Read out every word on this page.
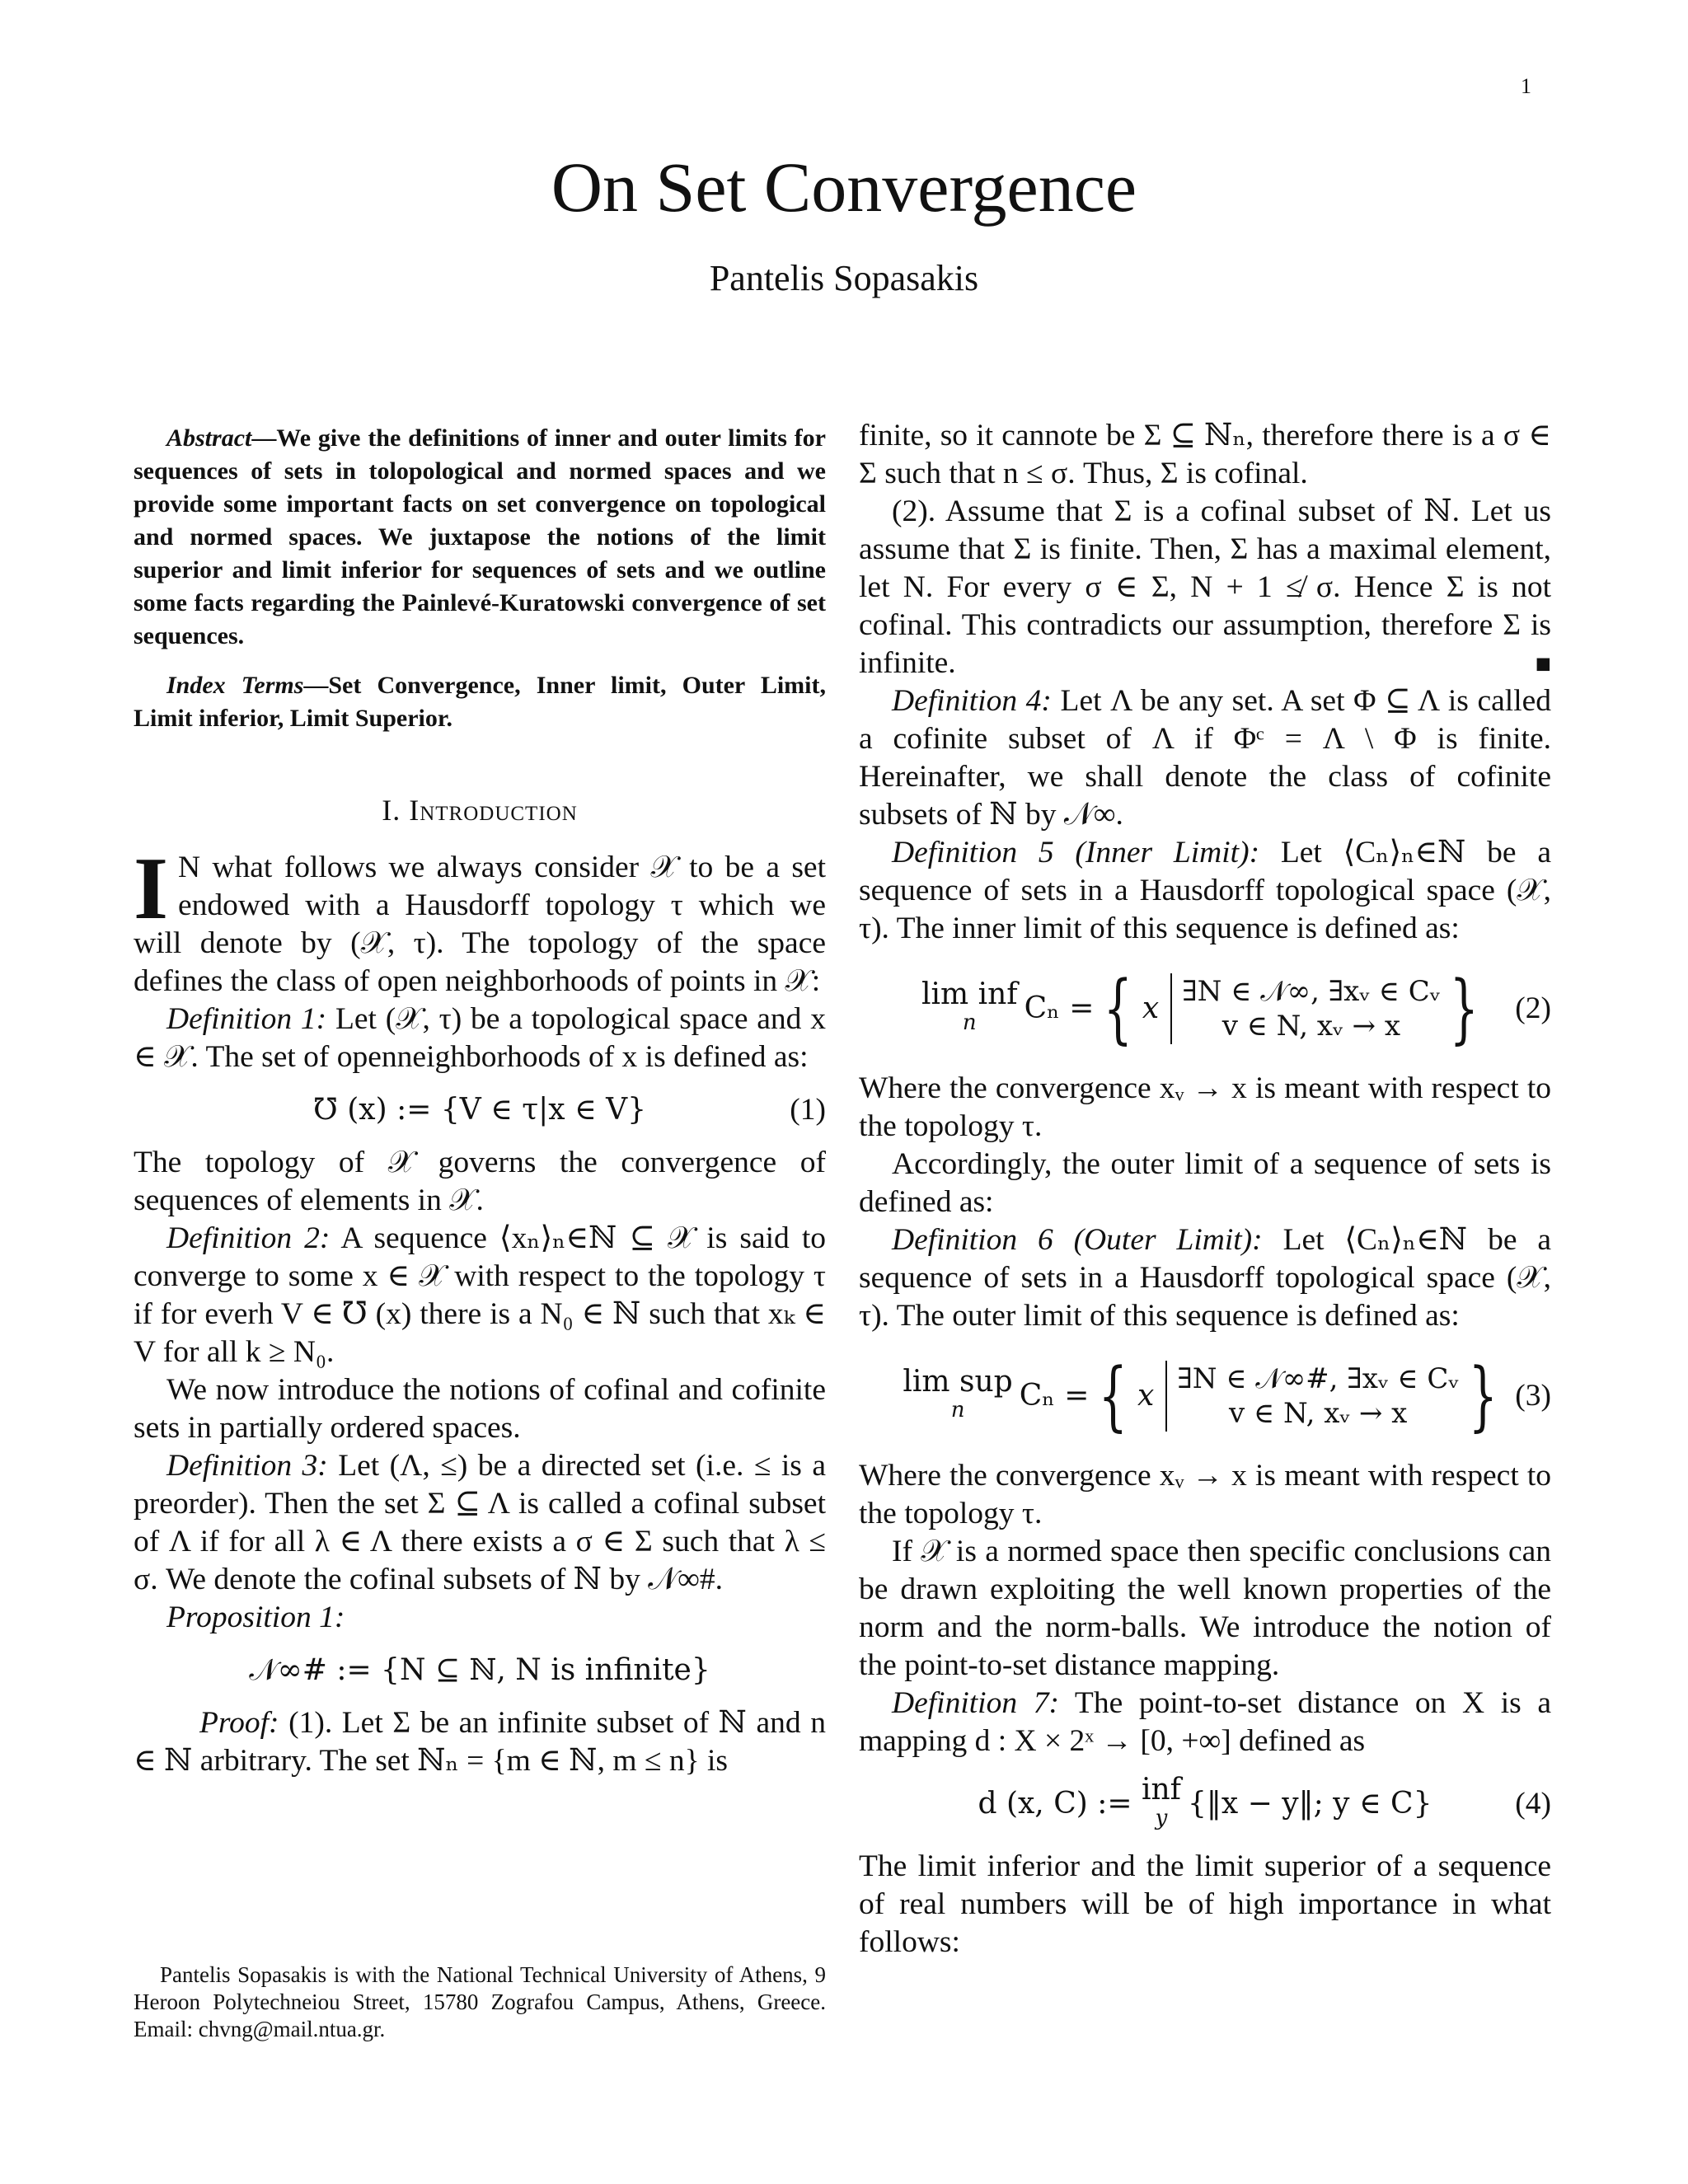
1
On Set Convergence
Pantelis Sopasakis

Abstract—We give the definitions of inner and outer limits for sequences of sets in tolopological and normed spaces and we provide some important facts on set convergence on topological and normed spaces. We juxtapose the notions of the limit superior and limit inferior for sequences of sets and we outline some facts regarding the Painlevé-Kuratowski convergence of set sequences.

Index Terms—Set Convergence, Inner limit, Outer Limit, Limit inferior, Limit Superior.

I. Introduction

I N what follows we always consider 𝒳 to be a set endowed with a Hausdorff topology τ which we will denote by (𝒳, τ). The topology of the space defines the class of open neighborhoods of points in 𝒳:

Definition 1: Let (𝒳, τ) be a topological space and x ∈ 𝒳. The set of openneighborhoods of x is defined as:

℧ (x) := {V ∈ τ|x ∈ V}	(1)

The topology of 𝒳 governs the convergence of sequences of elements in 𝒳.

Definition 2: A sequence ⟨xₙ⟩ₙ∈ℕ ⊆ 𝒳 is said to converge to some x ∈ 𝒳 with respect to the topology τ if for everh V ∈ ℧ (x) there is a N₀ ∈ ℕ such that xₖ ∈ V for all k ≥ N₀.

We now introduce the notions of cofinal and cofinite sets in partially ordered spaces.

Definition 3: Let (Λ, ≤) be a directed set (i.e. ≤ is a preorder). Then the set Σ ⊆ Λ is called a cofinal subset of Λ if for all λ ∈ Λ there exists a σ ∈ Σ such that λ ≤ σ. We denote the cofinal subsets of ℕ by 𝒩∞#.

Proposition 1:

𝒩∞# := {N ⊆ ℕ, N is infinite}

Proof: (1). Let Σ be an infinite subset of ℕ and n ∈ ℕ arbitrary. The set ℕₙ = {m ∈ ℕ, m ≤ n} is

Pantelis Sopasakis is with the National Technical University of Athens, 9 Heroon Polytechneiou Street, 15780 Zografou Campus, Athens, Greece. Email: chvng@mail.ntua.gr.

finite, so it cannote be Σ ⊆ ℕₙ, therefore there is a σ ∈ Σ such that n ≤ σ. Thus, Σ is cofinal.

(2). Assume that Σ is a cofinal subset of ℕ. Let us assume that Σ is finite. Then, Σ has a maximal element, let N. For every σ ∈ Σ, N + 1 ≰ σ. Hence Σ is not cofinal. This contradicts our assumption, therefore Σ is infinite.	■

Definition 4: Let Λ be any set. A set Φ ⊆ Λ is called a cofinite subset of Λ if Φᶜ = Λ \ Φ is finite. Hereinafter, we shall denote the class of cofinite subsets of ℕ by 𝒩∞.

Definition 5 (Inner Limit): Let ⟨Cₙ⟩ₙ∈ℕ be a sequence of sets in a Hausdorff topological space (𝒳, τ). The inner limit of this sequence is defined as:

lim inf
n Cₙ = { x ∃N ∈ 𝒩∞, ∃xᵥ ∈ Cᵥ
v ∈ N, xᵥ → x } (2)

Where the convergence xᵥ → x is meant with respect to the topology τ.

Accordingly, the outer limit of a sequence of sets is defined as:

Definition 6 (Outer Limit): Let ⟨Cₙ⟩ₙ∈ℕ be a sequence of sets in a Hausdorff topological space (𝒳, τ). The outer limit of this sequence is defined as:

lim sup
n Cₙ = { x ∃N ∈ 𝒩∞#, ∃xᵥ ∈ Cᵥ
v ∈ N, xᵥ → x } (3)

Where the convergence xᵥ → x is meant with respect to the topology τ.

If 𝒳 is a normed space then specific conclusions can be drawn exploiting the well known properties of the norm and the norm-balls. We introduce the notion of the point-to-set distance mapping.

Definition 7: The point-to-set distance on X is a mapping d : X × 2ˣ → [0, +∞] defined as

d (x, C) :=
inf
y {‖x − y‖; y ∈ C}	(4)

The limit inferior and the limit superior of a sequence of real numbers will be of high importance in what follows:
